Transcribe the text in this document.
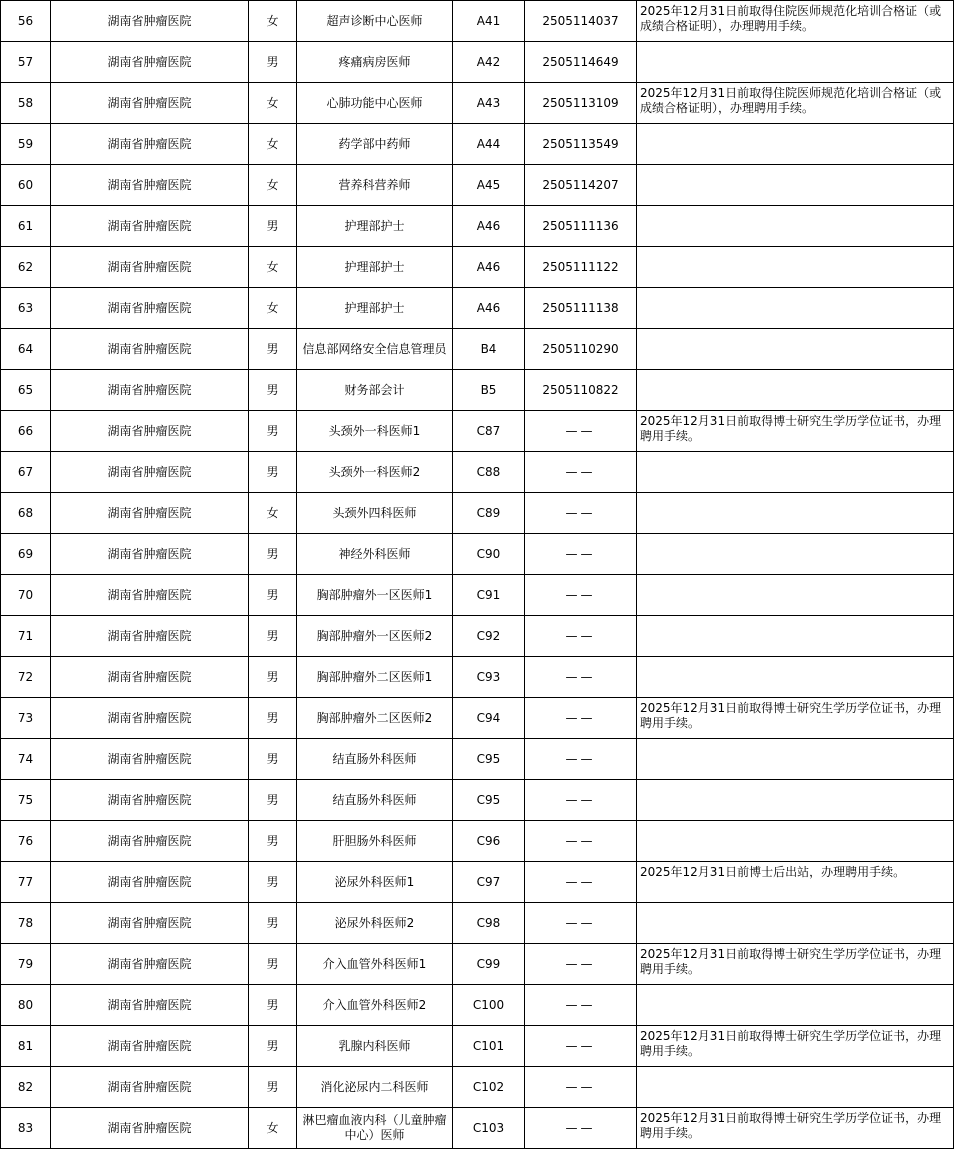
56	湖南省肿瘤医院	女	超声诊断中心医师	A41	2505114037	2025年12月31日前取得住院医师规范化培训合格证（或成绩合格证明），办理聘用手续。
57	湖南省肿瘤医院	男	疼痛病房医师	A42	2505114649	
58	湖南省肿瘤医院	女	心肺功能中心医师	A43	2505113109	2025年12月31日前取得住院医师规范化培训合格证（或成绩合格证明），办理聘用手续。
59	湖南省肿瘤医院	女	药学部中药师	A44	2505113549	
60	湖南省肿瘤医院	女	营养科营养师	A45	2505114207	
61	湖南省肿瘤医院	男	护理部护士	A46	2505111136	
62	湖南省肿瘤医院	女	护理部护士	A46	2505111122	
63	湖南省肿瘤医院	女	护理部护士	A46	2505111138	
64	湖南省肿瘤医院	男	信息部网络安全信息管理员	B4	2505110290	
65	湖南省肿瘤医院	男	财务部会计	B5	2505110822	
66	湖南省肿瘤医院	男	头颈外一科医师1	C87	——	2025年12月31日前取得博士研究生学历学位证书，办理聘用手续。
67	湖南省肿瘤医院	男	头颈外一科医师2	C88	——	
68	湖南省肿瘤医院	女	头颈外四科医师	C89	——	
69	湖南省肿瘤医院	男	神经外科医师	C90	——	
70	湖南省肿瘤医院	男	胸部肿瘤外一区医师1	C91	——	
71	湖南省肿瘤医院	男	胸部肿瘤外一区医师2	C92	——	
72	湖南省肿瘤医院	男	胸部肿瘤外二区医师1	C93	——	
73	湖南省肿瘤医院	男	胸部肿瘤外二区医师2	C94	——	2025年12月31日前取得博士研究生学历学位证书，办理聘用手续。
74	湖南省肿瘤医院	男	结直肠外科医师	C95	——	
75	湖南省肿瘤医院	男	结直肠外科医师	C95	——	
76	湖南省肿瘤医院	男	肝胆肠外科医师	C96	——	
77	湖南省肿瘤医院	男	泌尿外科医师1	C97	——	2025年12月31日前博士后出站，办理聘用手续。
78	湖南省肿瘤医院	男	泌尿外科医师2	C98	——	
79	湖南省肿瘤医院	男	介入血管外科医师1	C99	——	2025年12月31日前取得博士研究生学历学位证书，办理聘用手续。
80	湖南省肿瘤医院	男	介入血管外科医师2	C100	——	
81	湖南省肿瘤医院	男	乳腺内科医师	C101	——	2025年12月31日前取得博士研究生学历学位证书，办理聘用手续。
82	湖南省肿瘤医院	男	消化泌尿内二科医师	C102	——	
83	湖南省肿瘤医院	女	淋巴瘤血液内科（儿童肿瘤中心）医师	C103	——	2025年12月31日前取得博士研究生学历学位证书，办理聘用手续。
